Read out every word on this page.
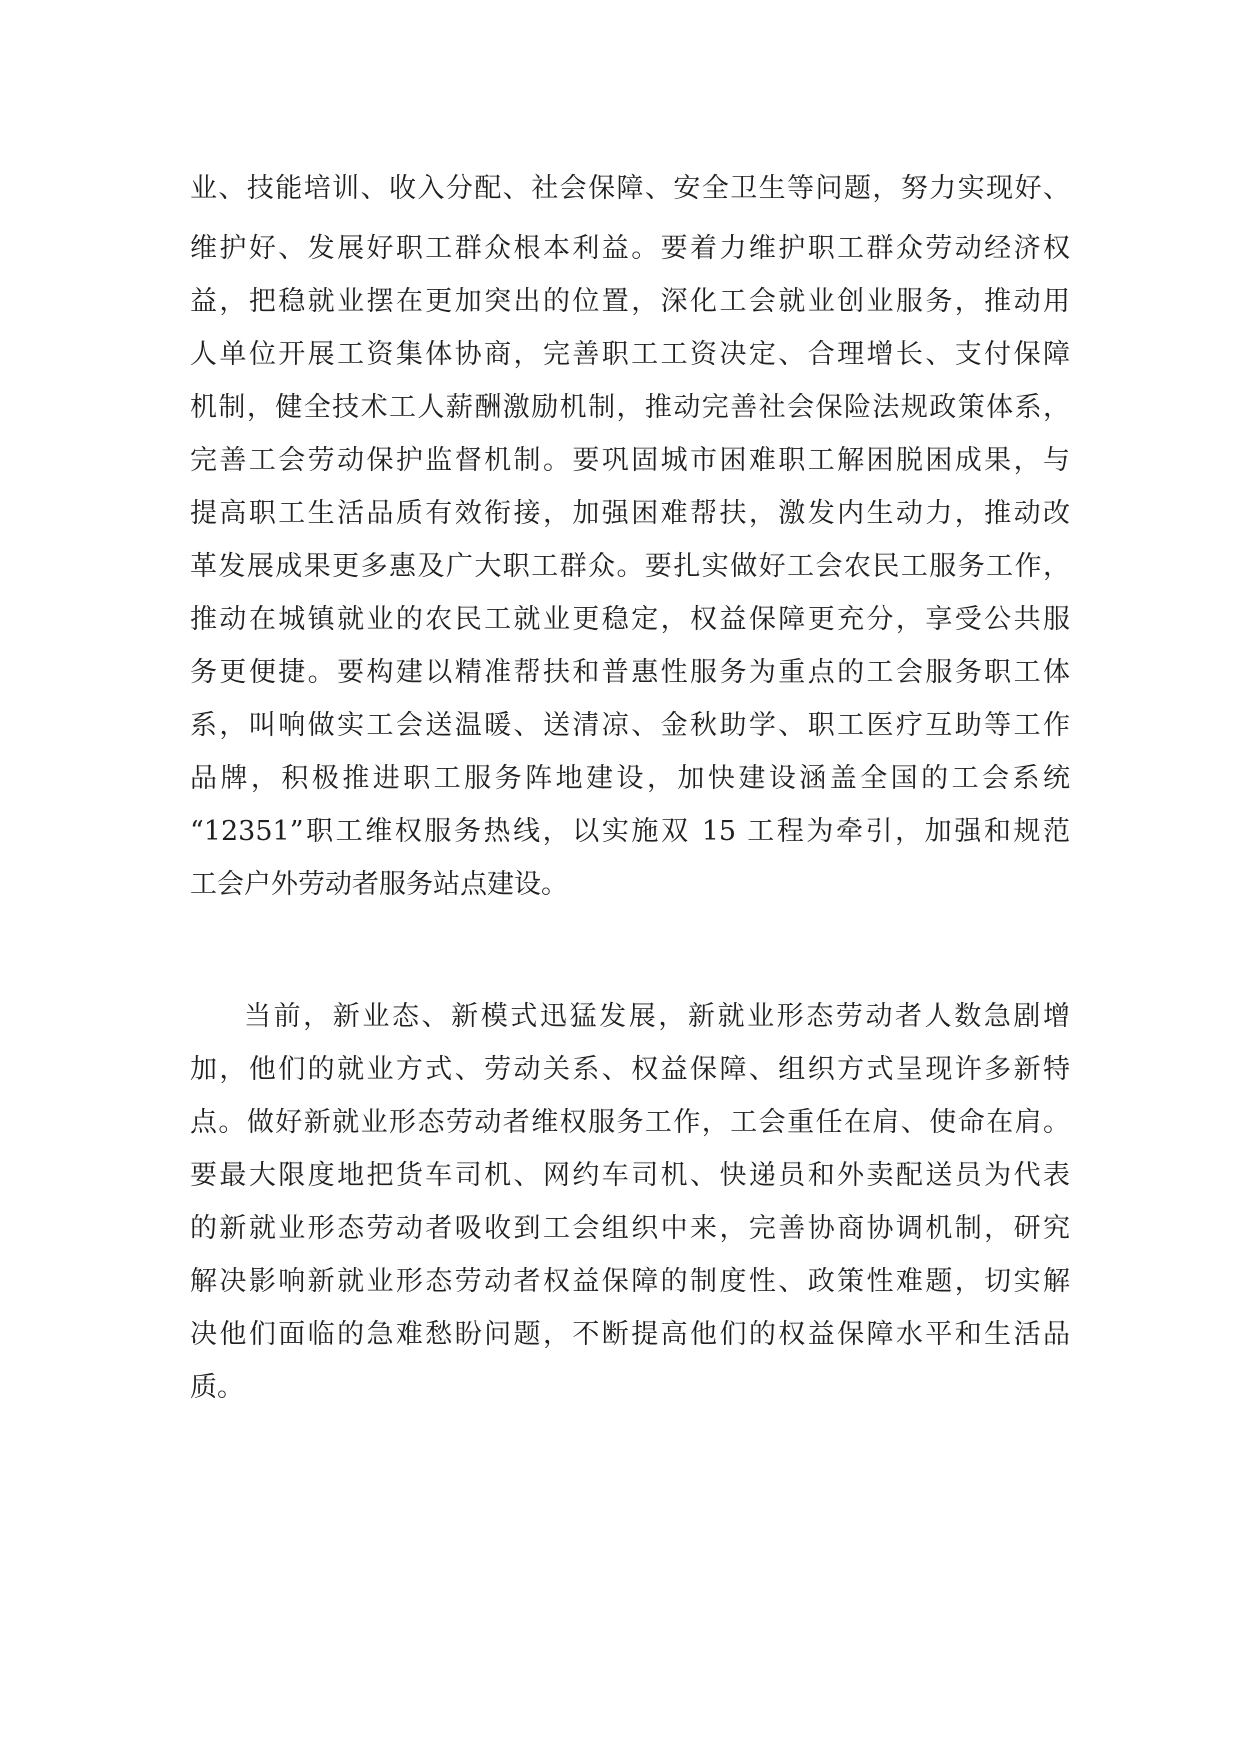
业、技能培训、收入分配、社会保障、安全卫生等问题，努力实现好、
维护好、发展好职工群众根本利益。要着力维护职工群众劳动经济权
益，把稳就业摆在更加突出的位置，深化工会就业创业服务，推动用
人单位开展工资集体协商，完善职工工资决定、合理增长、支付保障
机制，健全技术工人薪酬激励机制，推动完善社会保险法规政策体系，
完善工会劳动保护监督机制。要巩固城市困难职工解困脱困成果，与
提高职工生活品质有效衔接，加强困难帮扶，激发内生动力，推动改
革发展成果更多惠及广大职工群众。要扎实做好工会农民工服务工作，
推动在城镇就业的农民工就业更稳定，权益保障更充分，享受公共服
务更便捷。要构建以精准帮扶和普惠性服务为重点的工会服务职工体
系，叫响做实工会送温暖、送清凉、金秋助学、职工医疗互助等工作
品牌，积极推进职工服务阵地建设，加快建设涵盖全国的工会系统
“12351”职工维权服务热线，以实施双 15 工程为牵引，加强和规范
工会户外劳动者服务站点建设。
当前，新业态、新模式迅猛发展，新就业形态劳动者人数急剧增
加，他们的就业方式、劳动关系、权益保障、组织方式呈现许多新特
点。做好新就业形态劳动者维权服务工作，工会重任在肩、使命在肩。
要最大限度地把货车司机、网约车司机、快递员和外卖配送员为代表
的新就业形态劳动者吸收到工会组织中来，完善协商协调机制，研究
解决影响新就业形态劳动者权益保障的制度性、政策性难题，切实解
决他们面临的急难愁盼问题，不断提高他们的权益保障水平和生活品
质。
